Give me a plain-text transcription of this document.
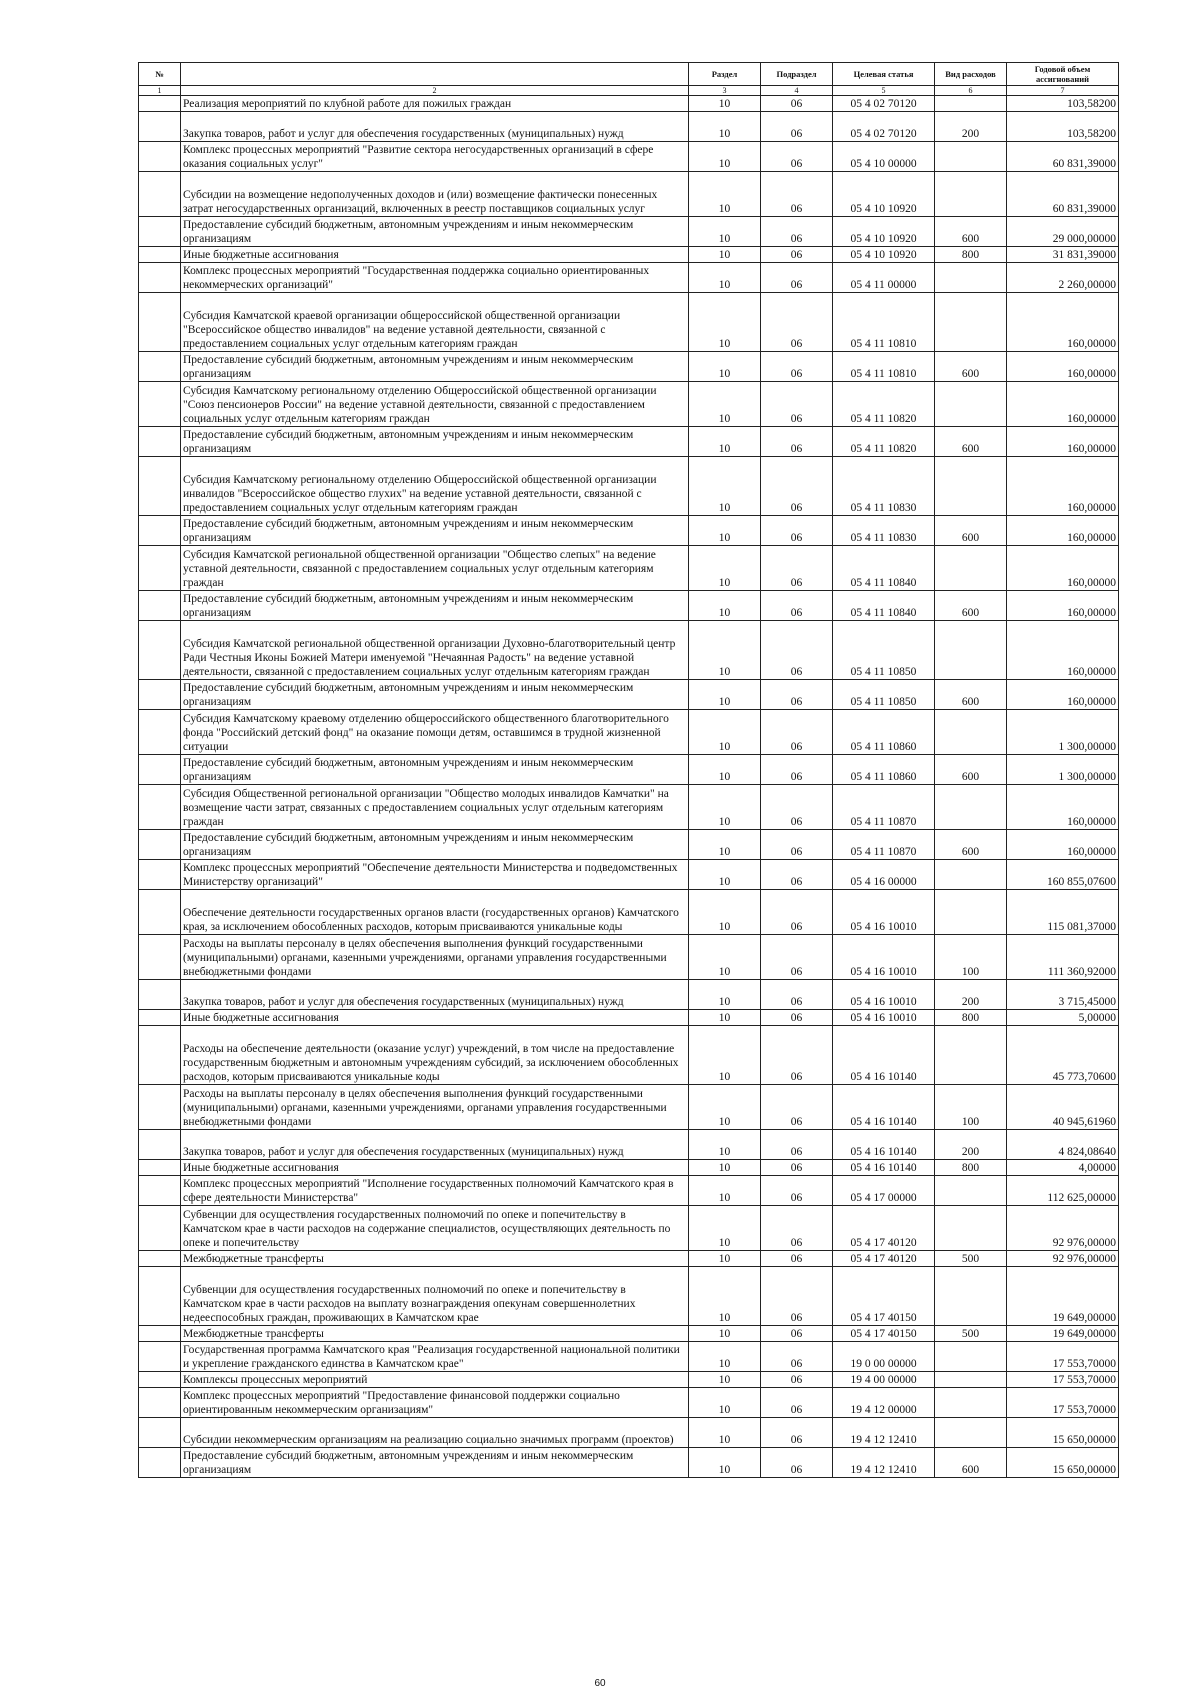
№		Раздел	Подраздел	Целевая статья	Вид расходов	Годовой объем ассигнований
1	2	3	4	5	6	7
	Реализация мероприятий по клубной работе для пожилых граждан	10	06	05 4 02 70120		103,58200
	Закупка товаров, работ и услуг для обеспечения государственных (муниципальных) нужд	10	06	05 4 02 70120	200	103,58200
	Комплекс процессных мероприятий "Развитие сектора негосударственных организаций в сфере оказания социальных услуг"	10	06	05 4 10 00000		60 831,39000
	Субсидии на возмещение недополученных доходов и (или) возмещение фактически понесенных затрат негосударственных организаций, включенных в реестр поставщиков социальных услуг	10	06	05 4 10 10920		60 831,39000
	Предоставление субсидий бюджетным, автономным учреждениям и иным некоммерческим организациям	10	06	05 4 10 10920	600	29 000,00000
	Иные бюджетные ассигнования	10	06	05 4 10 10920	800	31 831,39000
	Комплекс процессных мероприятий "Государственная поддержка социально ориентированных некоммерческих организаций"	10	06	05 4 11 00000		2 260,00000
	Субсидия Камчатской краевой организации общероссийской общественной организации "Всероссийское общество инвалидов" на ведение уставной деятельности, связанной с предоставлением социальных услуг отдельным категориям граждан	10	06	05 4 11 10810		160,00000
	Предоставление субсидий бюджетным, автономным учреждениям и иным некоммерческим организациям	10	06	05 4 11 10810	600	160,00000
	Субсидия Камчатскому региональному отделению Общероссийской общественной организации "Союз пенсионеров России" на ведение уставной деятельности, связанной с предоставлением социальных услуг отдельным категориям граждан	10	06	05 4 11 10820		160,00000
	Предоставление субсидий бюджетным, автономным учреждениям и иным некоммерческим организациям	10	06	05 4 11 10820	600	160,00000
	Субсидия Камчатскому региональному отделению Общероссийской общественной организации инвалидов "Всероссийское общество глухих" на ведение уставной деятельности, связанной с предоставлением социальных услуг отдельным категориям граждан	10	06	05 4 11 10830		160,00000
	Предоставление субсидий бюджетным, автономным учреждениям и иным некоммерческим организациям	10	06	05 4 11 10830	600	160,00000
	Субсидия Камчатской региональной общественной организации "Общество слепых" на ведение уставной деятельности, связанной с предоставлением социальных услуг отдельным категориям граждан	10	06	05 4 11 10840		160,00000
	Предоставление субсидий бюджетным, автономным учреждениям и иным некоммерческим организациям	10	06	05 4 11 10840	600	160,00000
	Субсидия Камчатской региональной общественной организации Духовно-благотворительный центр Ради Честныя Иконы Божией Матери именуемой "Нечаянная Радость" на ведение уставной деятельности, связанной с предоставлением социальных услуг отдельным категориям граждан	10	06	05 4 11 10850		160,00000
	Предоставление субсидий бюджетным, автономным учреждениям и иным некоммерческим организациям	10	06	05 4 11 10850	600	160,00000
	Субсидия Камчатскому краевому отделению общероссийского общественного благотворительного фонда "Российский детский фонд" на оказание помощи детям, оставшимся в трудной жизненной ситуации	10	06	05 4 11 10860		1 300,00000
	Предоставление субсидий бюджетным, автономным учреждениям и иным некоммерческим организациям	10	06	05 4 11 10860	600	1 300,00000
	Субсидия Общественной региональной организации "Общество молодых инвалидов Камчатки" на возмещение части затрат, связанных с предоставлением социальных услуг отдельным категориям граждан	10	06	05 4 11 10870		160,00000
	Предоставление субсидий бюджетным, автономным учреждениям и иным некоммерческим организациям	10	06	05 4 11 10870	600	160,00000
	Комплекс процессных мероприятий "Обеспечение деятельности Министерства и подведомственных Министерству организаций"	10	06	05 4 16 00000		160 855,07600
	Обеспечение деятельности государственных органов власти (государственных органов) Камчатского края, за исключением обособленных расходов, которым присваиваются уникальные коды	10	06	05 4 16 10010		115 081,37000
	Расходы на выплаты персоналу в целях обеспечения выполнения функций государственными (муниципальными) органами, казенными учреждениями, органами управления государственными внебюджетными фондами	10	06	05 4 16 10010	100	111 360,92000
	Закупка товаров, работ и услуг для обеспечения государственных (муниципальных) нужд	10	06	05 4 16 10010	200	3 715,45000
	Иные бюджетные ассигнования	10	06	05 4 16 10010	800	5,00000
	Расходы на обеспечение деятельности (оказание услуг) учреждений, в том числе на предоставление государственным бюджетным и автономным учреждениям субсидий, за исключением обособленных расходов, которым присваиваются уникальные коды	10	06	05 4 16 10140		45 773,70600
	Расходы на выплаты персоналу в целях обеспечения выполнения функций государственными (муниципальными) органами, казенными учреждениями, органами управления государственными внебюджетными фондами	10	06	05 4 16 10140	100	40 945,61960
	Закупка товаров, работ и услуг для обеспечения государственных (муниципальных) нужд	10	06	05 4 16 10140	200	4 824,08640
	Иные бюджетные ассигнования	10	06	05 4 16 10140	800	4,00000
	Комплекс процессных мероприятий "Исполнение государственных полномочий Камчатского края в сфере деятельности Министерства"	10	06	05 4 17 00000		112 625,00000
	Субвенции для осуществления государственных полномочий по опеке и попечительству в Камчатском крае в части расходов на содержание специалистов, осуществляющих деятельность по опеке и попечительству	10	06	05 4 17 40120		92 976,00000
	Межбюджетные трансферты	10	06	05 4 17 40120	500	92 976,00000
	Субвенции для осуществления государственных полномочий по опеке и попечительству в Камчатском крае в части расходов на выплату вознаграждения опекунам совершеннолетних недееспособных граждан, проживающих в Камчатском крае	10	06	05 4 17 40150		19 649,00000
	Межбюджетные трансферты	10	06	05 4 17 40150	500	19 649,00000
	Государственная программа Камчатского края "Реализация государственной национальной политики и укрепление гражданского единства в Камчатском крае"	10	06	19 0 00 00000		17 553,70000
	Комплексы процессных мероприятий	10	06	19 4 00 00000		17 553,70000
	Комплекс процессных мероприятий "Предоставление финансовой поддержки социально ориентированным некоммерческим организациям"	10	06	19 4 12 00000		17 553,70000
	Субсидии некоммерческим организациям на реализацию социально значимых программ (проектов)	10	06	19 4 12 12410		15 650,00000
	Предоставление субсидий бюджетным, автономным учреждениям и иным некоммерческим организациям	10	06	19 4 12 12410	600	15 650,00000
60
